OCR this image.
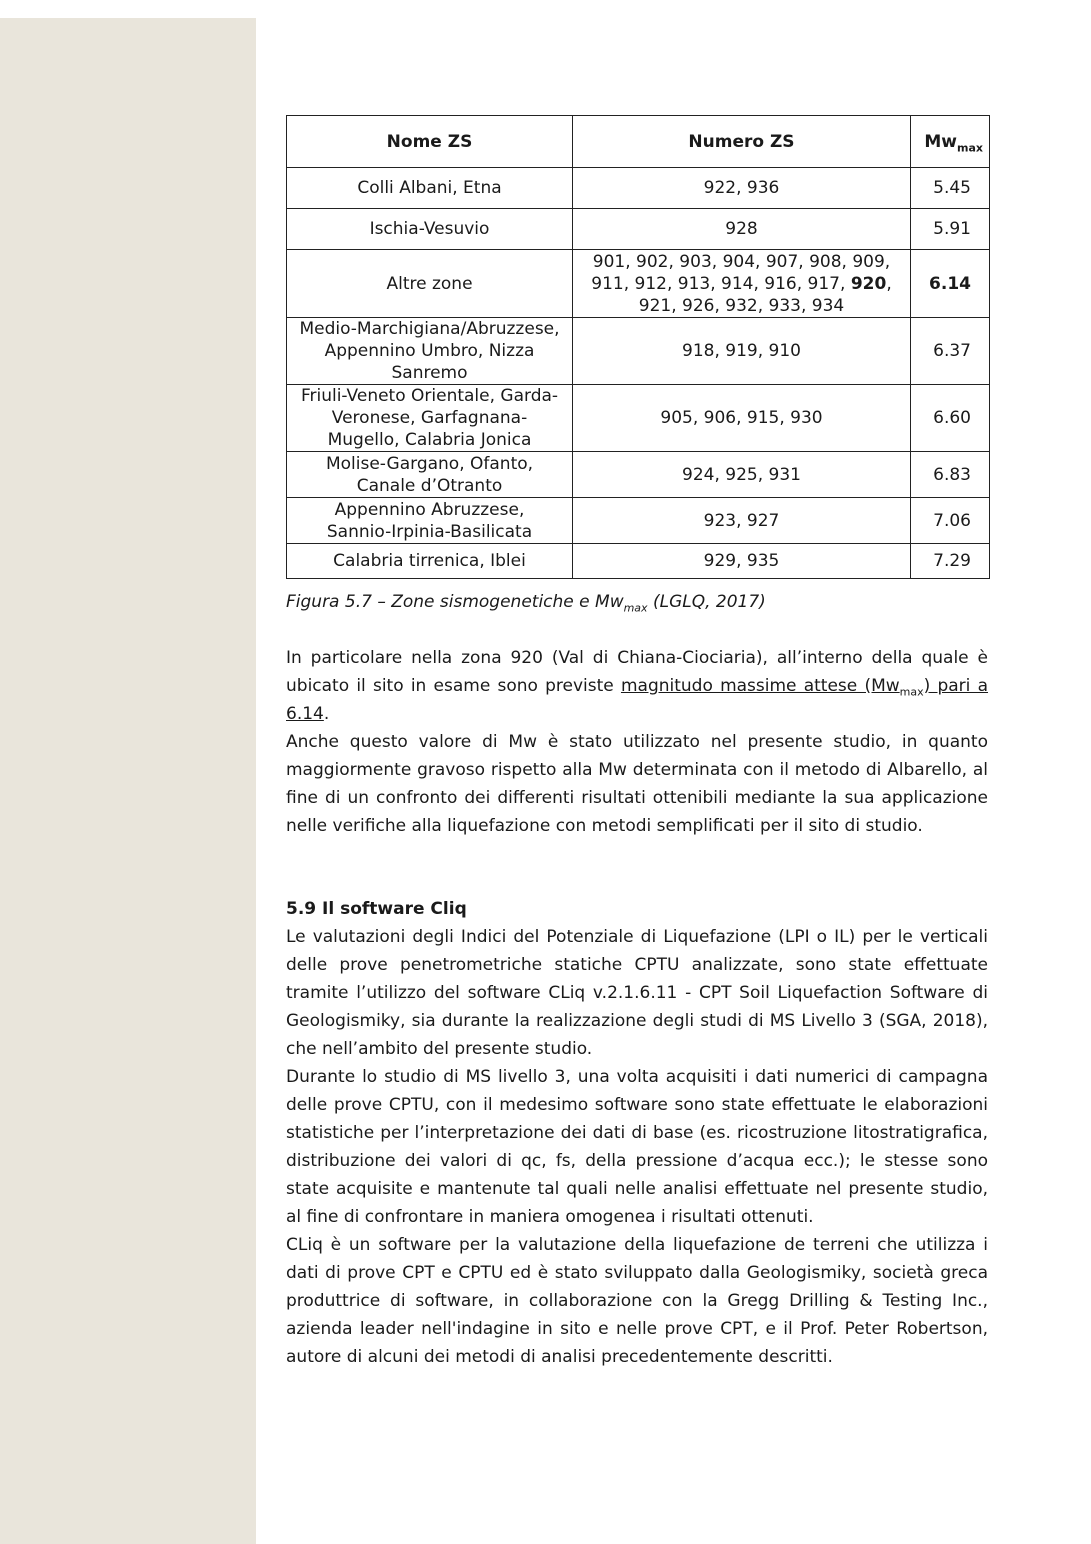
Nome ZS	Numero ZS	$Mw_{max}$
Colli Albani, Etna	922, 936	5.45
Ischia-Vesuvio	928	5.91
Altre zone	901, 902, 903, 904, 907, 908, 909,
911, 912, 913, 914, 916, 917, 920,
921, 926, 932, 933, 934	6.14

Medio-Marchigiana/Abruzzese,
Appennino Umbro, Nizza
Sanremo	918, 919, 910	6.37

Friuli-Veneto Orientale, Garda-
Veronese, Garfagnana-
Mugello, Calabria Jonica	905, 906, 915, 930	6.60

Molise-Gargano, Ofanto,
Canale d’Otranto	924, 925, 931	6.83

Appennino Abruzzese,
Sannio-Irpinia-Basilicata	923, 927	7.06
Calabria tirrenica, Iblei	929, 935	7.29
Figura 5.7 – Zone sismogenetiche e $Mw_{max}$ (LGLQ, 2017)

In particolare nella zona 920 (Val di Chiana-Ciociaria), all’interno della quale è ubicato il sito in esame sono previste magnitudo massime attese $(Mw_{max})$ pari a 6.14.

Anche questo valore di Mw è stato utilizzato nel presente studio, in quanto maggiormente gravoso rispetto alla Mw determinata con il metodo di Albarello, al fine di un confronto dei differenti risultati ottenibili mediante la sua applicazione nelle verifiche alla liquefazione con metodi semplificati per il sito di studio.

5.9 Il software Cliq

Le valutazioni degli Indici del Potenziale di Liquefazione (LPI o IL) per le verticali delle prove penetrometriche statiche CPTU analizzate, sono state effettuate tramite l’utilizzo del software CLiq v.2.1.6.11 - CPT Soil Liquefaction Software di Geologismiky, sia durante la realizzazione degli studi di MS Livello 3 (SGA, 2018), che nell’ambito del presente studio.

Durante lo studio di MS livello 3, una volta acquisiti i dati numerici di campagna delle prove CPTU, con il medesimo software sono state effettuate le elaborazioni statistiche per l’interpretazione dei dati di base (es. ricostruzione litostratigrafica, distribuzione dei valori di qc, fs, della pressione d’acqua ecc.); le stesse sono state acquisite e mantenute tal quali nelle analisi effettuate nel presente studio, al fine di confrontare in maniera omogenea i risultati ottenuti.

CLiq è un software per la valutazione della liquefazione de terreni che utilizza i dati di prove CPT e CPTU ed è stato sviluppato dalla Geologismiky, società greca produttrice di software, in collaborazione con la Gregg Drilling & Testing Inc., azienda leader nell'indagine in sito e nelle prove CPT, e il Prof. Peter Robertson, autore di alcuni dei metodi di analisi precedentemente descritti.
